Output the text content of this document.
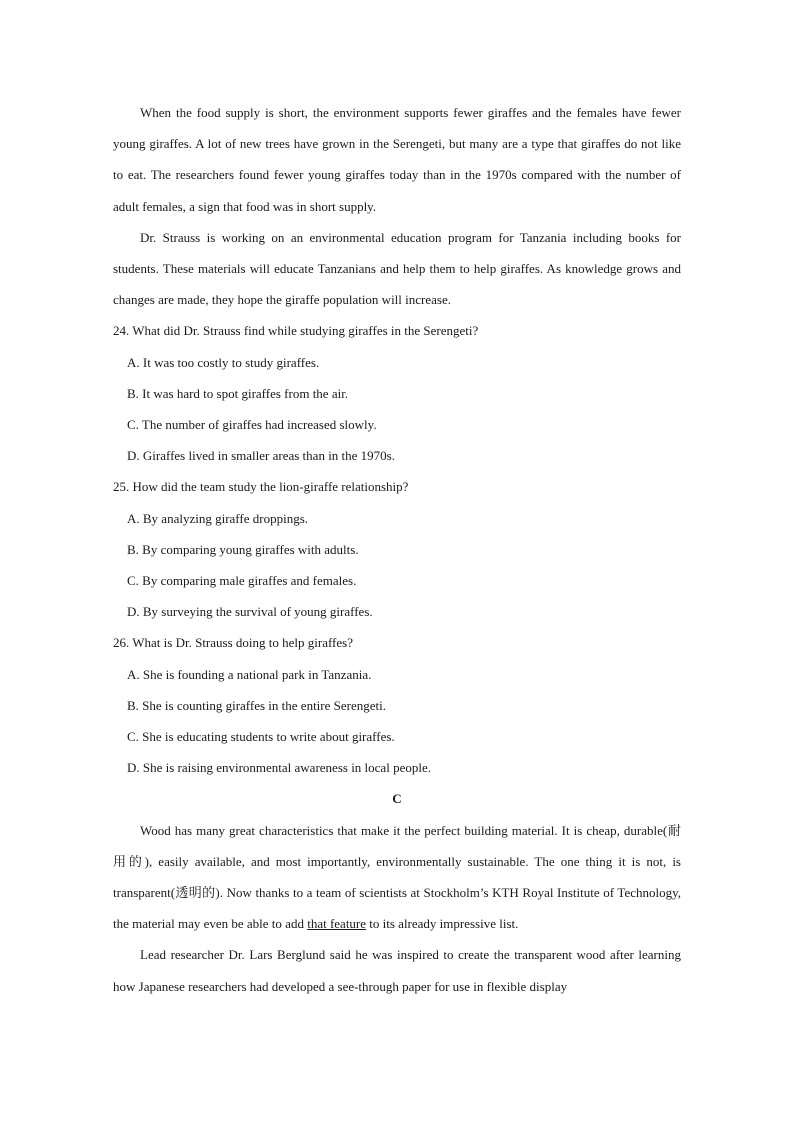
When the food supply is short, the environment supports fewer giraffes and the females have fewer young giraffes. A lot of new trees have grown in the Serengeti, but many are a type that giraffes do not like to eat. The researchers found fewer young giraffes today than in the 1970s compared with the number of adult females, a sign that food was in short supply.

Dr. Strauss is working on an environmental education program for Tanzania including books for students. These materials will educate Tanzanians and help them to help giraffes. As knowledge grows and changes are made, they hope the giraffe population will increase.

24. What did Dr. Strauss find while studying giraffes in the Serengeti?

A. It was too costly to study giraffes.

B. It was hard to spot giraffes from the air.

C. The number of giraffes had increased slowly.

D. Giraffes lived in smaller areas than in the 1970s.

25. How did the team study the lion-giraffe relationship?

A. By analyzing giraffe droppings.

B. By comparing young giraffes with adults.

C. By comparing male giraffes and females.

D. By surveying the survival of young giraffes.

26. What is Dr. Strauss doing to help giraffes?

A. She is founding a national park in Tanzania.

B. She is counting giraffes in the entire Serengeti.

C. She is educating students to write about giraffes.

D. She is raising environmental awareness in local people.

C

Wood has many great characteristics that make it the perfect building material. It is cheap, durable(耐用的), easily available, and most importantly, environmentally sustainable. The one thing it is not, is transparent(透明的). Now thanks to a team of scientists at Stockholm’s KTH Royal Institute of Technology, the material may even be able to add that feature to its already impressive list.

Lead researcher Dr. Lars Berglund said he was inspired to create the transparent wood after learning how Japanese researchers had developed a see-through paper for use in flexible display
